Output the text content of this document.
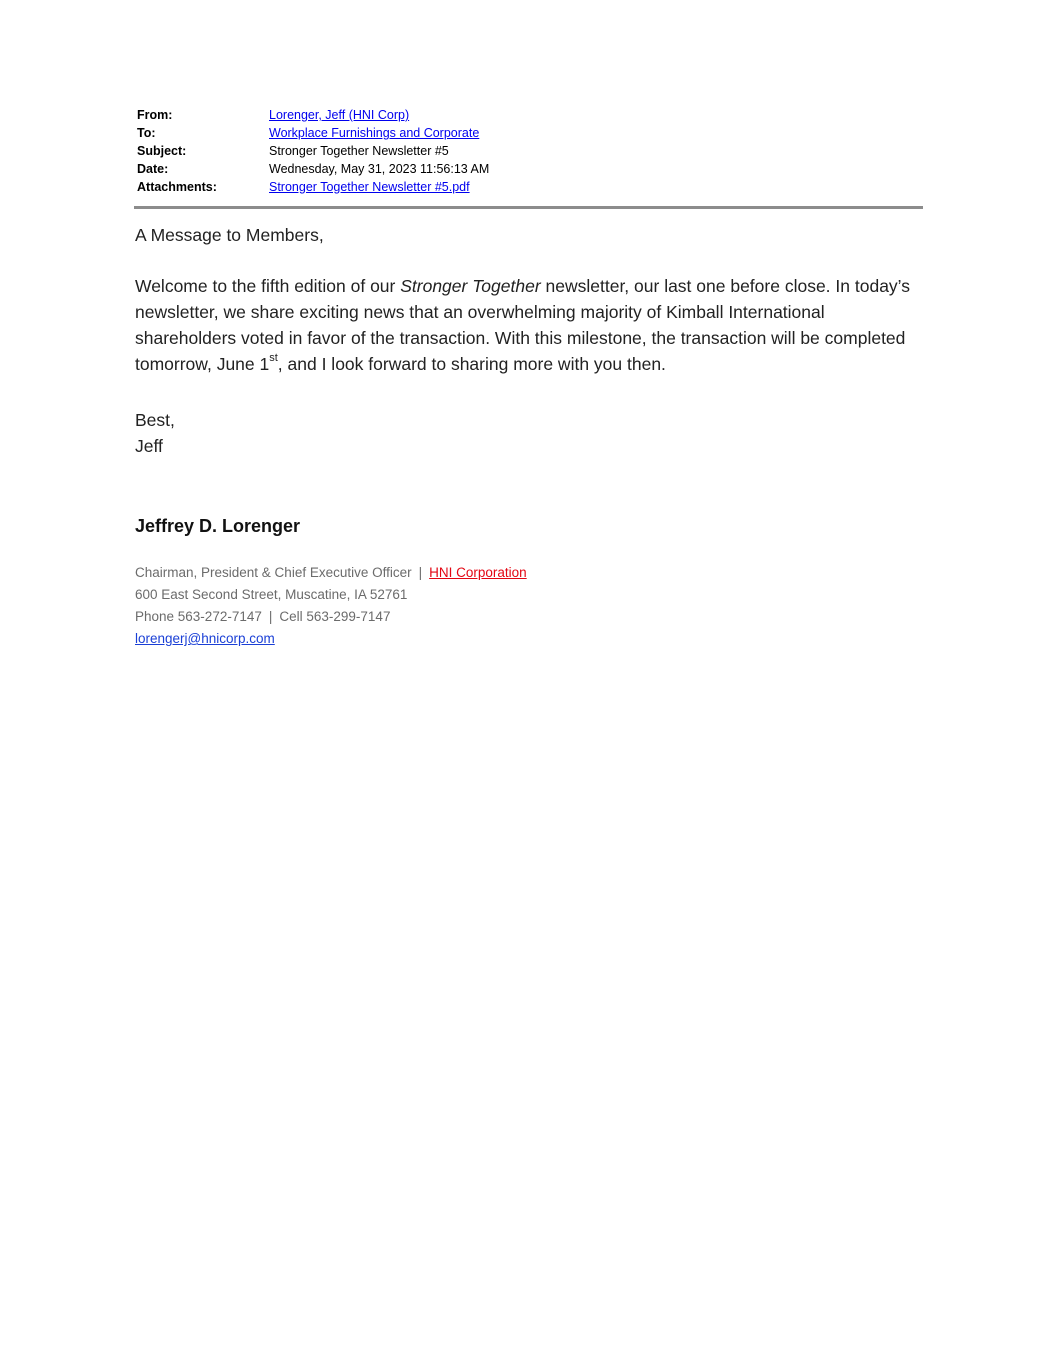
From:	Lorenger, Jeff (HNI Corp)
To:	Workplace Furnishings and Corporate
Subject:	Stronger Together Newsletter #5
Date:	Wednesday, May 31, 2023 11:56:13 AM
Attachments:	Stronger Together Newsletter #5.pdf
A Message to Members,
Welcome to the fifth edition of our Stronger Together newsletter, our last one before close. In today’s newsletter, we share exciting news that an overwhelming majority of Kimball International shareholders voted in favor of the transaction. With this milestone, the transaction will be completed tomorrow, June 1st, and I look forward to sharing more with you then.
Best,
Jeff
Jeffrey D. Lorenger
Chairman, President & Chief Executive Officer | HNI Corporation
600 East Second Street, Muscatine, IA 52761
Phone 563-272-7147 | Cell 563-299-7147
lorengerj@hnicorp.com
